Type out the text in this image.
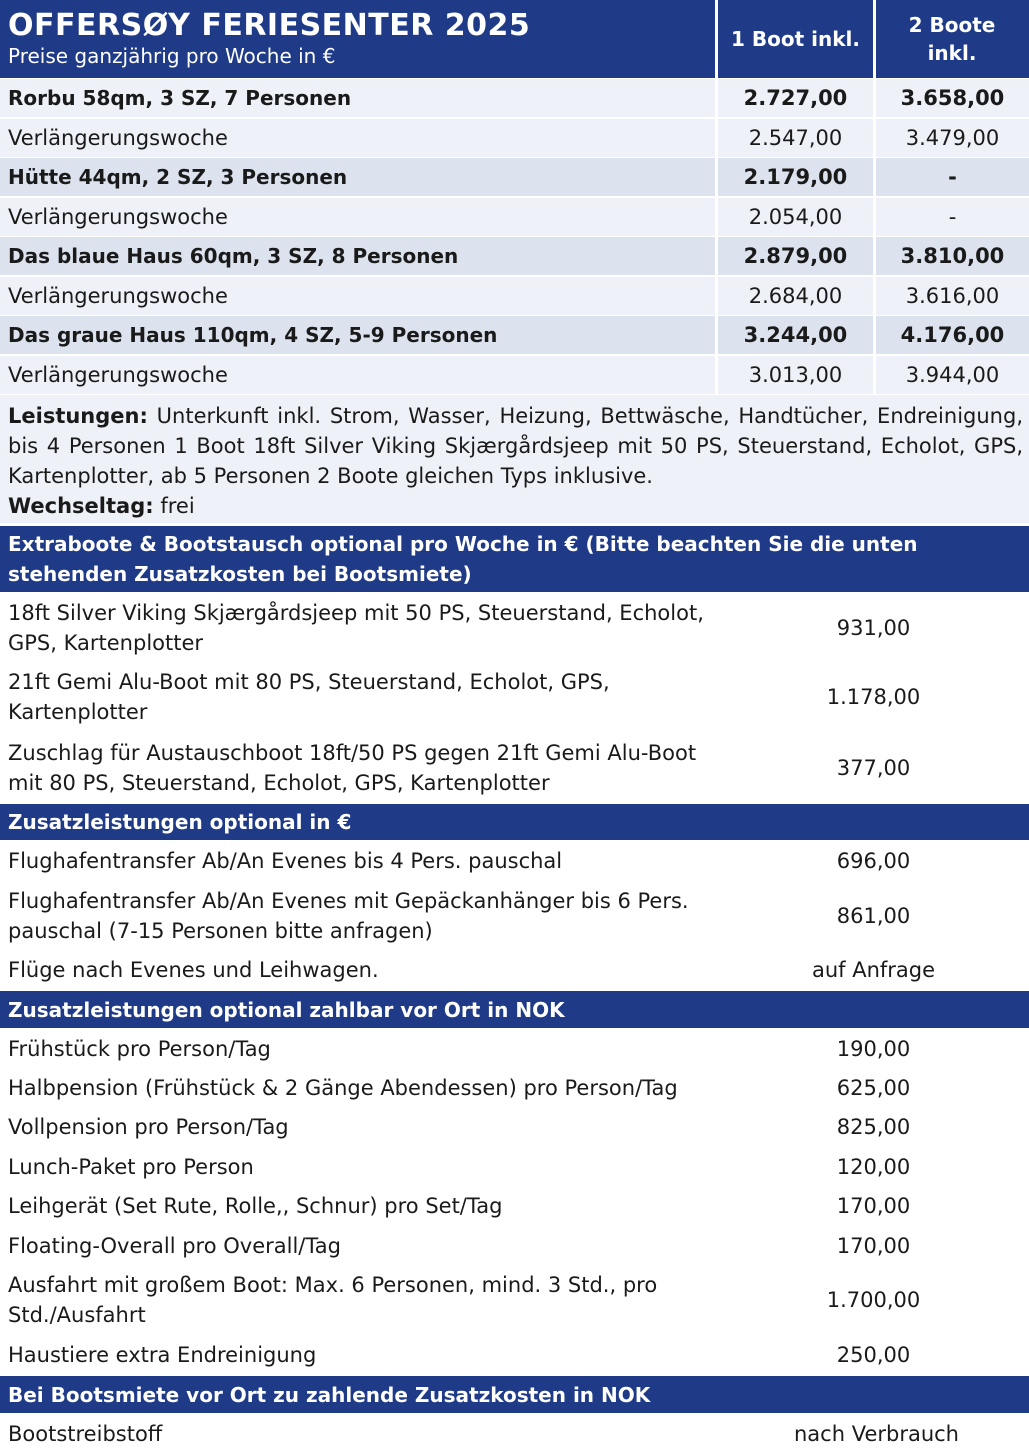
OFFERSØY FERIESENTER 2025
Preise ganzjährig pro Woche in €
1 Boot inkl.
2 Boote inkl.
Rorbu 58qm, 3 SZ, 7 Personen	2.727,00	3.658,00
Verlängerungswoche	2.547,00	3.479,00
Hütte 44qm, 2 SZ, 3 Personen	2.179,00	-
Verlängerungswoche	2.054,00	-
Das blaue Haus 60qm, 3 SZ, 8 Personen	2.879,00	3.810,00
Verlängerungswoche	2.684,00	3.616,00
Das graue Haus 110qm, 4 SZ, 5-9 Personen	3.244,00	4.176,00
Verlängerungswoche	3.013,00	3.944,00
Leistungen: Unterkunft inkl. Strom, Wasser, Heizung, Bettwäsche, Handtücher, Endreinigung, bis 4 Personen 1 Boot 18ft Silver Viking Skjærgårdsjeep mit 50 PS, Steuerstand, Echolot, GPS, Kartenplotter, ab 5 Personen 2 Boote gleichen Typs inklusive.
Wechseltag: frei
Extraboote & Bootstausch optional pro Woche in € (Bitte beachten Sie die unten stehenden Zusatzkosten bei Bootsmiete)
18ft Silver Viking Skjærgårdsjeep mit 50 PS, Steuerstand, Echolot, GPS, Kartenplotter
931,00
21ft Gemi Alu-Boot mit 80 PS, Steuerstand, Echolot, GPS, Kartenplotter
1.178,00
Zuschlag für Austauschboot 18ft/50 PS gegen 21ft Gemi Alu-Boot mit 80 PS, Steuerstand, Echolot, GPS, Kartenplotter
377,00
Zusatzleistungen optional in €
Flughafentransfer Ab/An Evenes bis 4 Pers. pauschal	696,00
Flughafentransfer Ab/An Evenes mit Gepäckanhänger bis 6 Pers. pauschal (7-15 Personen bitte anfragen)
861,00
Flüge nach Evenes und Leihwagen.	auf Anfrage
Zusatzleistungen optional zahlbar vor Ort in NOK
Frühstück pro Person/Tag	190,00
Halbpension (Frühstück & 2 Gänge Abendessen) pro Person/Tag	625,00
Vollpension pro Person/Tag	825,00
Lunch-Paket pro Person	120,00
Leihgerät (Set Rute, Rolle,, Schnur) pro Set/Tag	170,00
Floating-Overall pro Overall/Tag	170,00
Ausfahrt mit großem Boot: Max. 6 Personen, mind. 3 Std., pro Std./Ausfahrt
1.700,00
Haustiere extra Endreinigung	250,00
Bei Bootsmiete vor Ort zu zahlende Zusatzkosten in NOK
Bootstreibstoff	nach Verbrauch
